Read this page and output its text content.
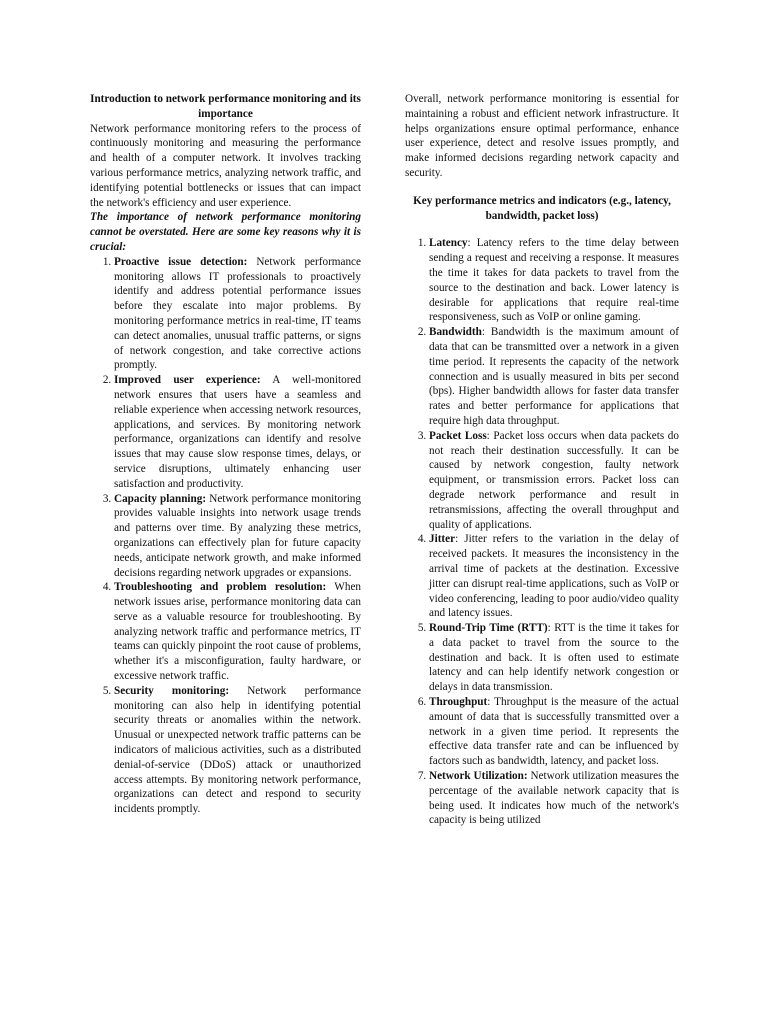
Introduction to network performance monitoring and its importance

Network performance monitoring refers to the process of continuously monitoring and measuring the performance and health of a computer network. It involves tracking various performance metrics, analyzing network traffic, and identifying potential bottlenecks or issues that can impact the network's efficiency and user experience.

The importance of network performance monitoring cannot be overstated. Here are some key reasons why it is crucial:

1. Proactive issue detection: Network performance monitoring allows IT professionals to proactively identify and address potential performance issues before they escalate into major problems. By monitoring performance metrics in real-time, IT teams can detect anomalies, unusual traffic patterns, or signs of network congestion, and take corrective actions promptly.
2. Improved user experience: A well-monitored network ensures that users have a seamless and reliable experience when accessing network resources, applications, and services. By monitoring network performance, organizations can identify and resolve issues that may cause slow response times, delays, or service disruptions, ultimately enhancing user satisfaction and productivity.
3. Capacity planning: Network performance monitoring provides valuable insights into network usage trends and patterns over time. By analyzing these metrics, organizations can effectively plan for future capacity needs, anticipate network growth, and make informed decisions regarding network upgrades or expansions.
4. Troubleshooting and problem resolution: When network issues arise, performance monitoring data can serve as a valuable resource for troubleshooting. By analyzing network traffic and performance metrics, IT teams can quickly pinpoint the root cause of problems, whether it's a misconfiguration, faulty hardware, or excessive network traffic.
5. Security monitoring: Network performance monitoring can also help in identifying potential security threats or anomalies within the network. Unusual or unexpected network traffic patterns can be indicators of malicious activities, such as a distributed denial-of-service (DDoS) attack or unauthorized access attempts. By monitoring network performance, organizations can detect and respond to security incidents promptly.

Overall, network performance monitoring is essential for maintaining a robust and efficient network infrastructure. It helps organizations ensure optimal performance, enhance user experience, detect and resolve issues promptly, and make informed decisions regarding network capacity and security.

Key performance metrics and indicators (e.g., latency, bandwidth, packet loss)

1. Latency: Latency refers to the time delay between sending a request and receiving a response. It measures the time it takes for data packets to travel from the source to the destination and back. Lower latency is desirable for applications that require real-time responsiveness, such as VoIP or online gaming.
2. Bandwidth: Bandwidth is the maximum amount of data that can be transmitted over a network in a given time period. It represents the capacity of the network connection and is usually measured in bits per second (bps). Higher bandwidth allows for faster data transfer rates and better performance for applications that require high data throughput.
3. Packet Loss: Packet loss occurs when data packets do not reach their destination successfully. It can be caused by network congestion, faulty network equipment, or transmission errors. Packet loss can degrade network performance and result in retransmissions, affecting the overall throughput and quality of applications.
4. Jitter: Jitter refers to the variation in the delay of received packets. It measures the inconsistency in the arrival time of packets at the destination. Excessive jitter can disrupt real-time applications, such as VoIP or video conferencing, leading to poor audio/video quality and latency issues.
5. Round-Trip Time (RTT): RTT is the time it takes for a data packet to travel from the source to the destination and back. It is often used to estimate latency and can help identify network congestion or delays in data transmission.
6. Throughput: Throughput is the measure of the actual amount of data that is successfully transmitted over a network in a given time period. It represents the effective data transfer rate and can be influenced by factors such as bandwidth, latency, and packet loss.
7. Network Utilization: Network utilization measures the percentage of the available network capacity that is being used. It indicates how much of the network's capacity is being utilized
